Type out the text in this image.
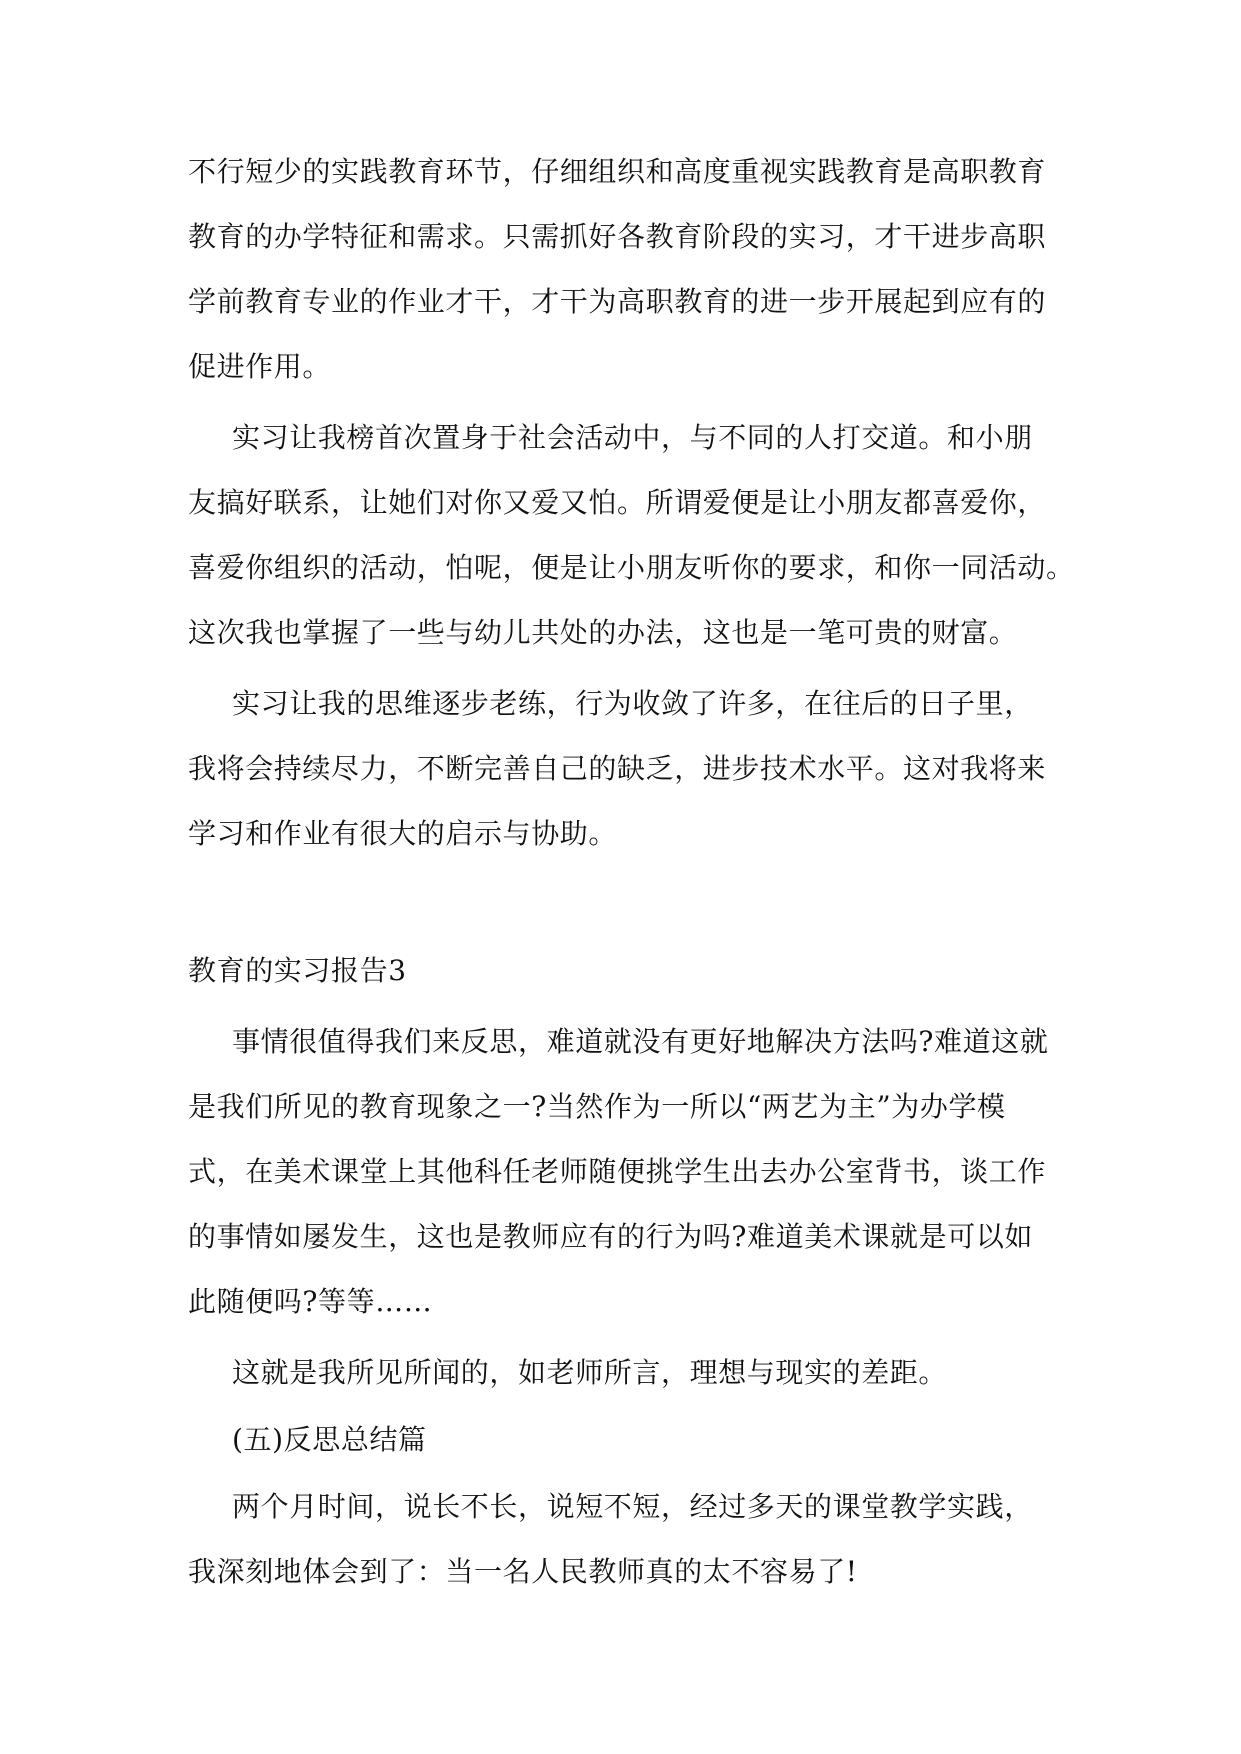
不行短少的实践教育环节，仔细组织和高度重视实践教育是高职教育
教育的办学特征和需求。只需抓好各教育阶段的实习，才干进步高职
学前教育专业的作业才干，才干为高职教育的进一步开展起到应有的
促进作用。
实习让我榜首次置身于社会活动中，与不同的人打交道。和小朋
友搞好联系，让她们对你又爱又怕。所谓爱便是让小朋友都喜爱你，
喜爱你组织的活动，怕呢，便是让小朋友听你的要求，和你一同活动。
这次我也掌握了一些与幼儿共处的办法，这也是一笔可贵的财富。
实习让我的思维逐步老练，行为收敛了许多，在往后的日子里，
我将会持续尽力，不断完善自己的缺乏，进步技术水平。这对我将来
学习和作业有很大的启示与协助。
教育的实习报告3
事情很值得我们来反思，难道就没有更好地解决方法吗?难道这就
是我们所见的教育现象之一?当然作为一所以“两艺为主”为办学模
式，在美术课堂上其他科任老师随便挑学生出去办公室背书，谈工作
的事情如屡发生，这也是教师应有的行为吗?难道美术课就是可以如
此随便吗?等等……
这就是我所见所闻的，如老师所言，理想与现实的差距。
(五)反思总结篇
两个月时间，说长不长，说短不短，经过多天的课堂教学实践，
我深刻地体会到了：当一名人民教师真的太不容易了!
